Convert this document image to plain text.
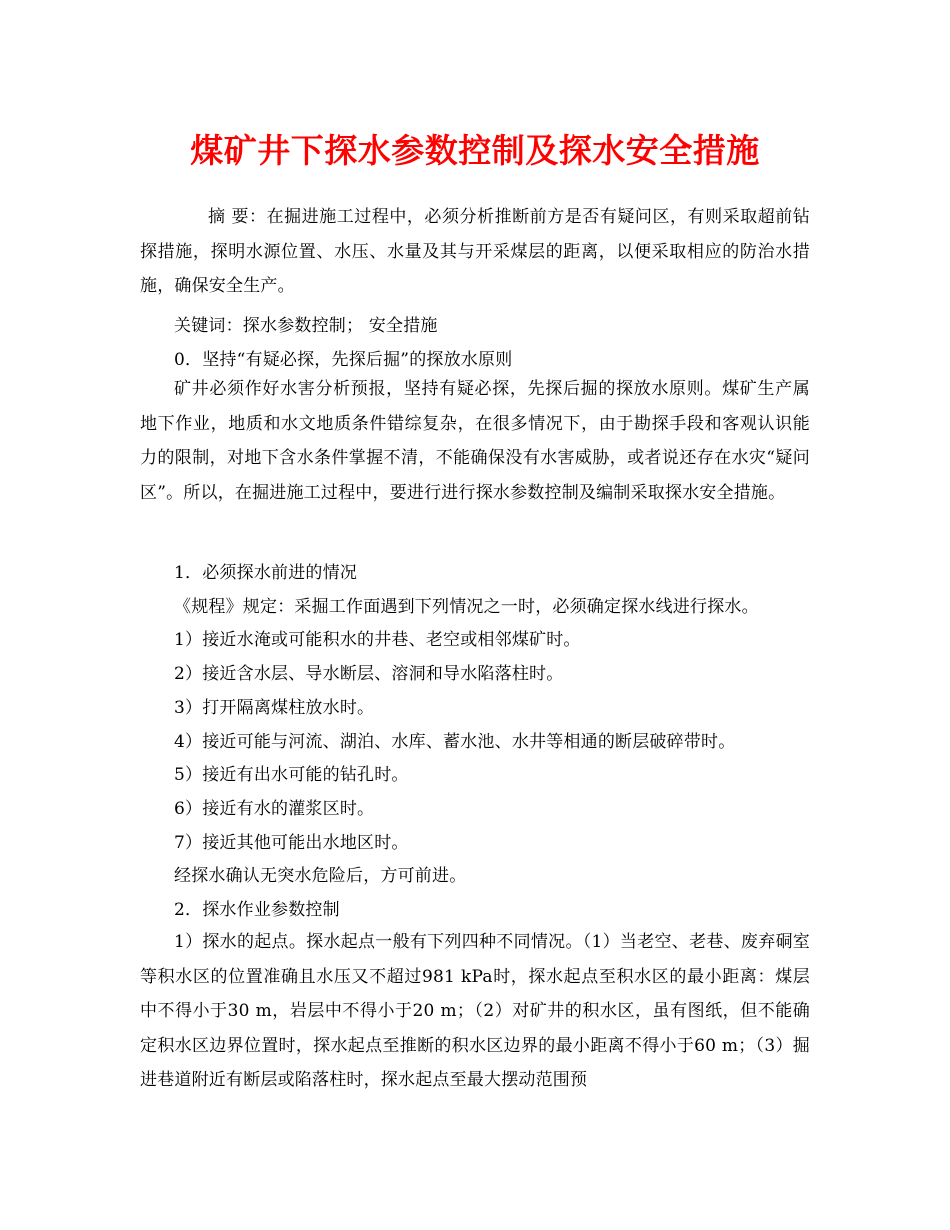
煤矿井下探水参数控制及探水安全措施

摘 要：在掘进施工过程中，必须分析推断前方是否有疑问区，有则采取超前钻探措施，探明水源位置、水压、水量及其与开采煤层的距离，以便采取相应的防治水措施，确保安全生产。

关键词：探水参数控制； 安全措施

0．坚持“有疑必探，先探后掘”的探放水原则

矿井必须作好水害分析预报，坚持有疑必探，先探后掘的探放水原则。煤矿生产属地下作业，地质和水文地质条件错综复杂，在很多情况下，由于勘探手段和客观认识能力的限制，对地下含水条件掌握不清，不能确保没有水害威胁，或者说还存在水灾“疑问区”。所以，在掘进施工过程中，要进行进行探水参数控制及编制采取探水安全措施。

1．必须探水前进的情况

《规程》规定：采掘工作面遇到下列情况之一时，必须确定探水线进行探水。

1）接近水淹或可能积水的井巷、老空或相邻煤矿时。

2）接近含水层、导水断层、溶洞和导水陷落柱时。

3）打开隔离煤柱放水时。

4）接近可能与河流、湖泊、水库、蓄水池、水井等相通的断层破碎带时。

5）接近有出水可能的钻孔时。

6）接近有水的灌浆区时。

7）接近其他可能出水地区时。

经探水确认无突水危险后，方可前进。

2．探水作业参数控制

1）探水的起点。探水起点一般有下列四种不同情况。（1）当老空、老巷、废弃硐室等积水区的位置准确且水压又不超过981 kPa时，探水起点至积水区的最小距离：煤层中不得小于30 m，岩层中不得小于20 m；（2）对矿井的积水区，虽有图纸，但不能确定积水区边界位置时，探水起点至推断的积水区边界的最小距离不得小于60 m；（3）掘进巷道附近有断层或陷落柱时，探水起点至最大摆动范围预
